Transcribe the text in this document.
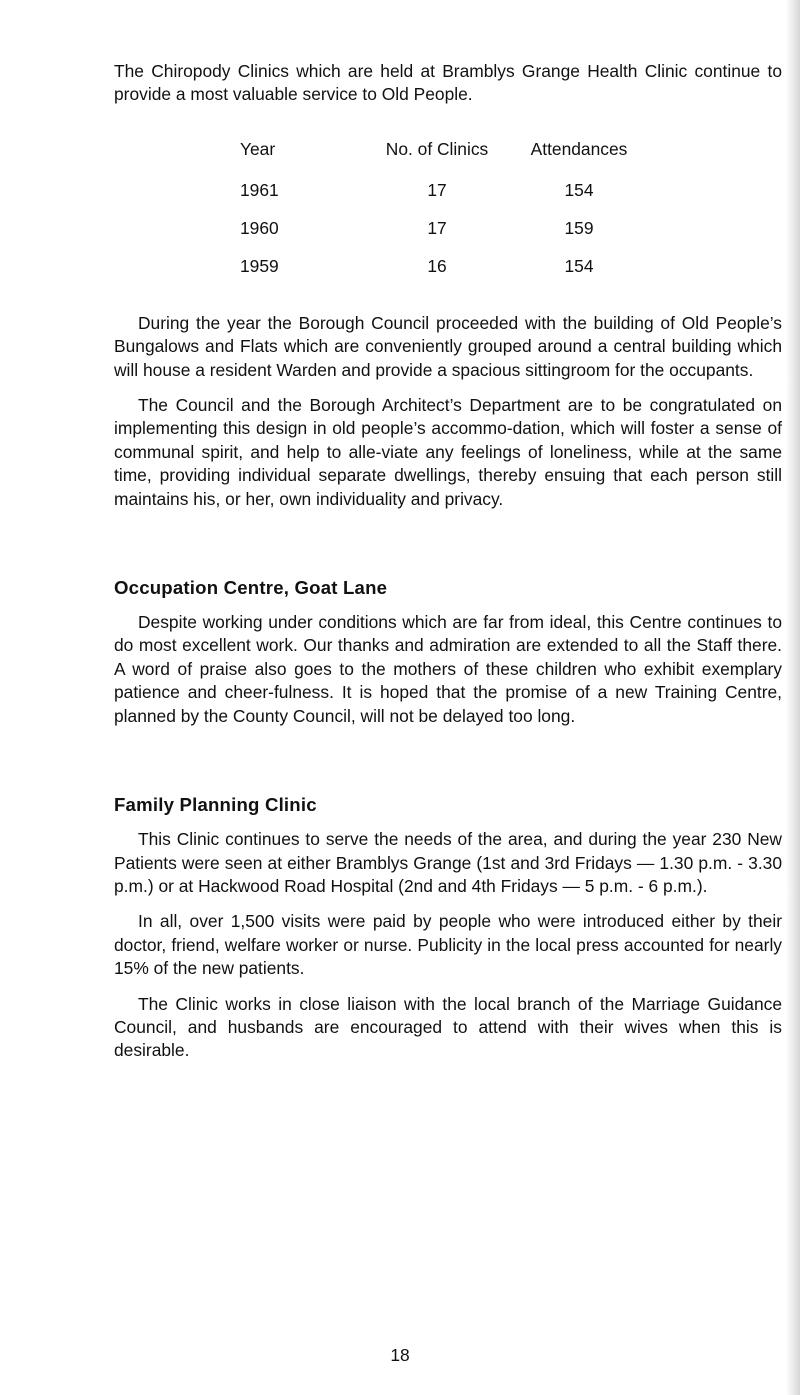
The Chiropody Clinics which are held at Bramblys Grange Health Clinic continue to provide a most valuable service to Old People.

Year	No. of Clinics	Attendances
1961	17	154
1960	17	159
1959	16	154

During the year the Borough Council proceeded with the building of Old People’s Bungalows and Flats which are conveniently grouped around a central building which will house a resident Warden and provide a spacious sittingroom for the occupants.

The Council and the Borough Architect’s Department are to be congratulated on implementing this design in old people’s accommo-dation, which will foster a sense of communal spirit, and help to alle-viate any feelings of loneliness, while at the same time, providing individual separate dwellings, thereby ensuing that each person still maintains his, or her, own individuality and privacy.

Occupation Centre, Goat Lane

Despite working under conditions which are far from ideal, this Centre continues to do most excellent work. Our thanks and admiration are extended to all the Staff there. A word of praise also goes to the mothers of these children who exhibit exemplary patience and cheer-fulness. It is hoped that the promise of a new Training Centre, planned by the County Council, will not be delayed too long.

Family Planning Clinic

This Clinic continues to serve the needs of the area, and during the year 230 New Patients were seen at either Bramblys Grange (1st and 3rd Fridays — 1.30 p.m. - 3.30 p.m.) or at Hackwood Road Hospital (2nd and 4th Fridays — 5 p.m. - 6 p.m.).

In all, over 1,500 visits were paid by people who were introduced either by their doctor, friend, welfare worker or nurse. Publicity in the local press accounted for nearly 15% of the new patients.

The Clinic works in close liaison with the local branch of the Marriage Guidance Council, and husbands are encouraged to attend with their wives when this is desirable.

18
